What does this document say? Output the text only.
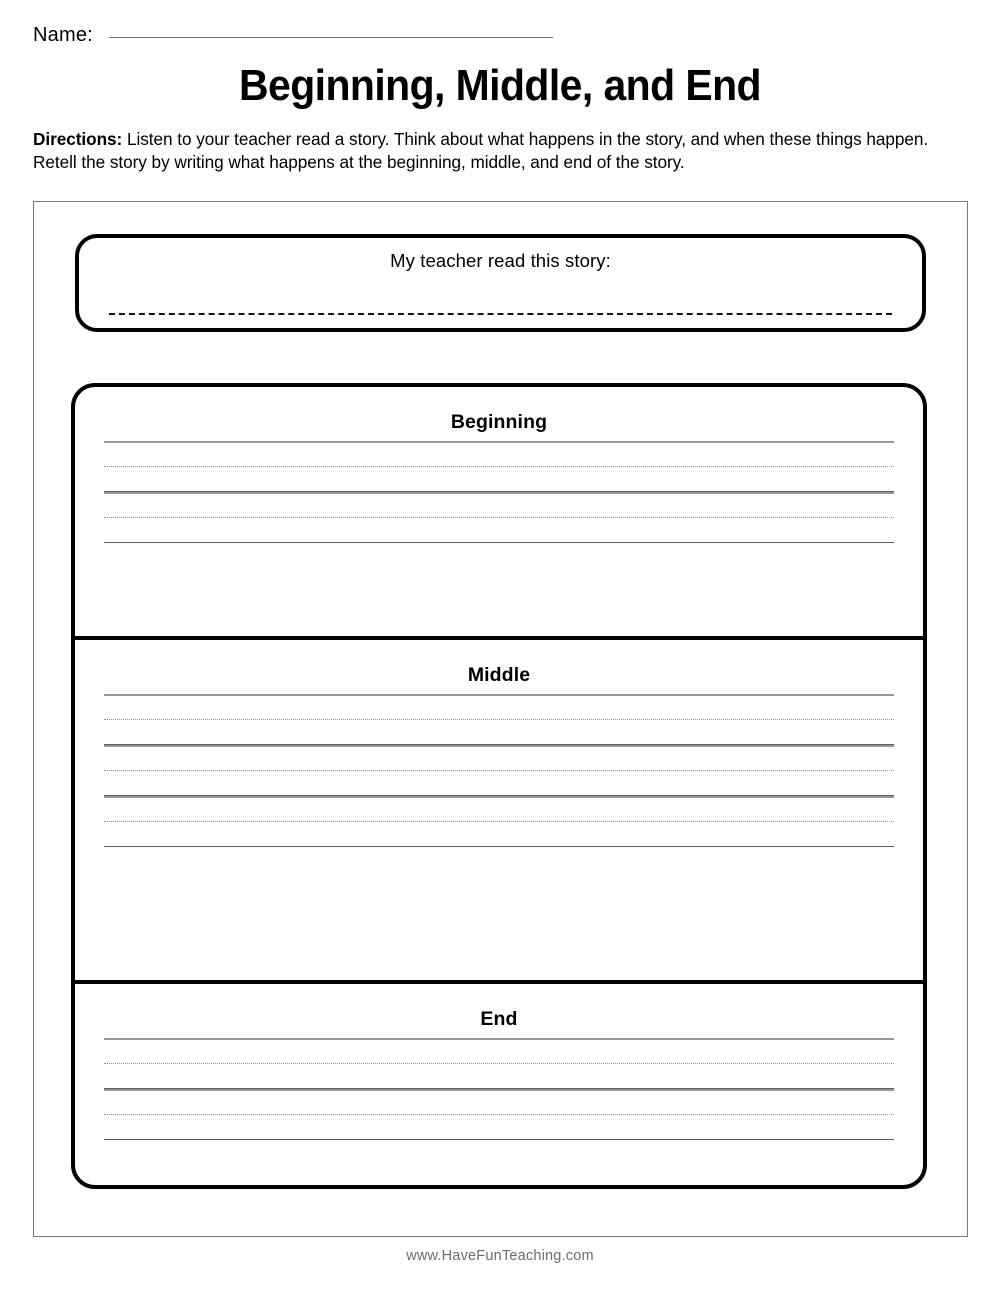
Name:
Beginning, Middle, and End
Directions: Listen to your teacher read a story. Think about what happens in the story, and when these things happen. Retell the story by writing what happens at the beginning, middle, and end of the story.
My teacher read this story:
Beginning
Middle
End
www.HaveFunTeaching.com
